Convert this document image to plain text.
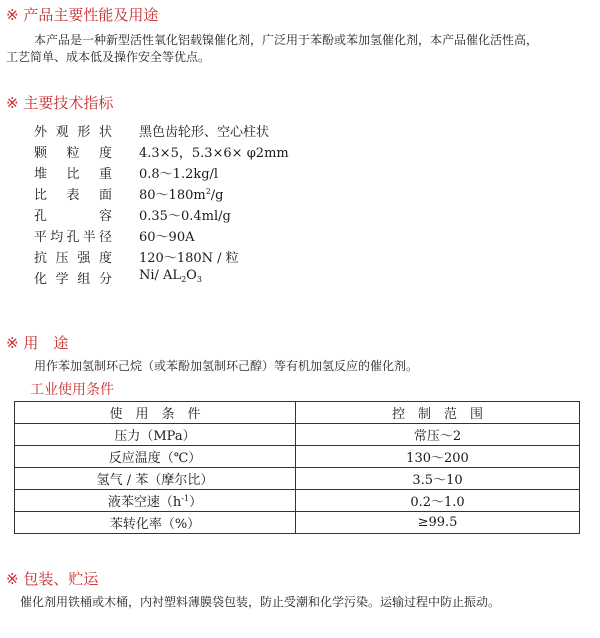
※ 产品主要性能及用途
本产品是一种新型活性氧化铝载镍催化剂，广泛用于苯酚或苯加氢催化剂，本产品催化活性高，
工艺简单、成本低及操作安全等优点。
※ 主要技术指标
外观形状 黑色齿轮形、空心柱状
颗粒度 4.3×5，5.3×6× φ2mm
堆比重 0.8～1.2kg/l
比表面 $80\sim 180m^2/g$
孔容 0.35～0.4ml/g
平均孔半径 60～90A
抗压强度 120～180N / 粒
化学组分 Ni/ $AL_2O_3$
※ 用　途
用作苯加氢制环己烷（或苯酚加氢制环己醇）等有机加氢反应的催化剂。
工业使用条件
使　用　条　件	控　制　范　围
压力（MPa）	常压～2
反应温度（℃）	130～200
氢气 / 苯（摩尔比）	3.5～10
液苯空速$(h^{-1})$	0.2～1.0
苯转化率（%）	≥99.5
※ 包装、贮运
催化剂用铁桶或木桶，内衬塑料薄膜袋包装，防止受潮和化学污染。运输过程中防止振动。
